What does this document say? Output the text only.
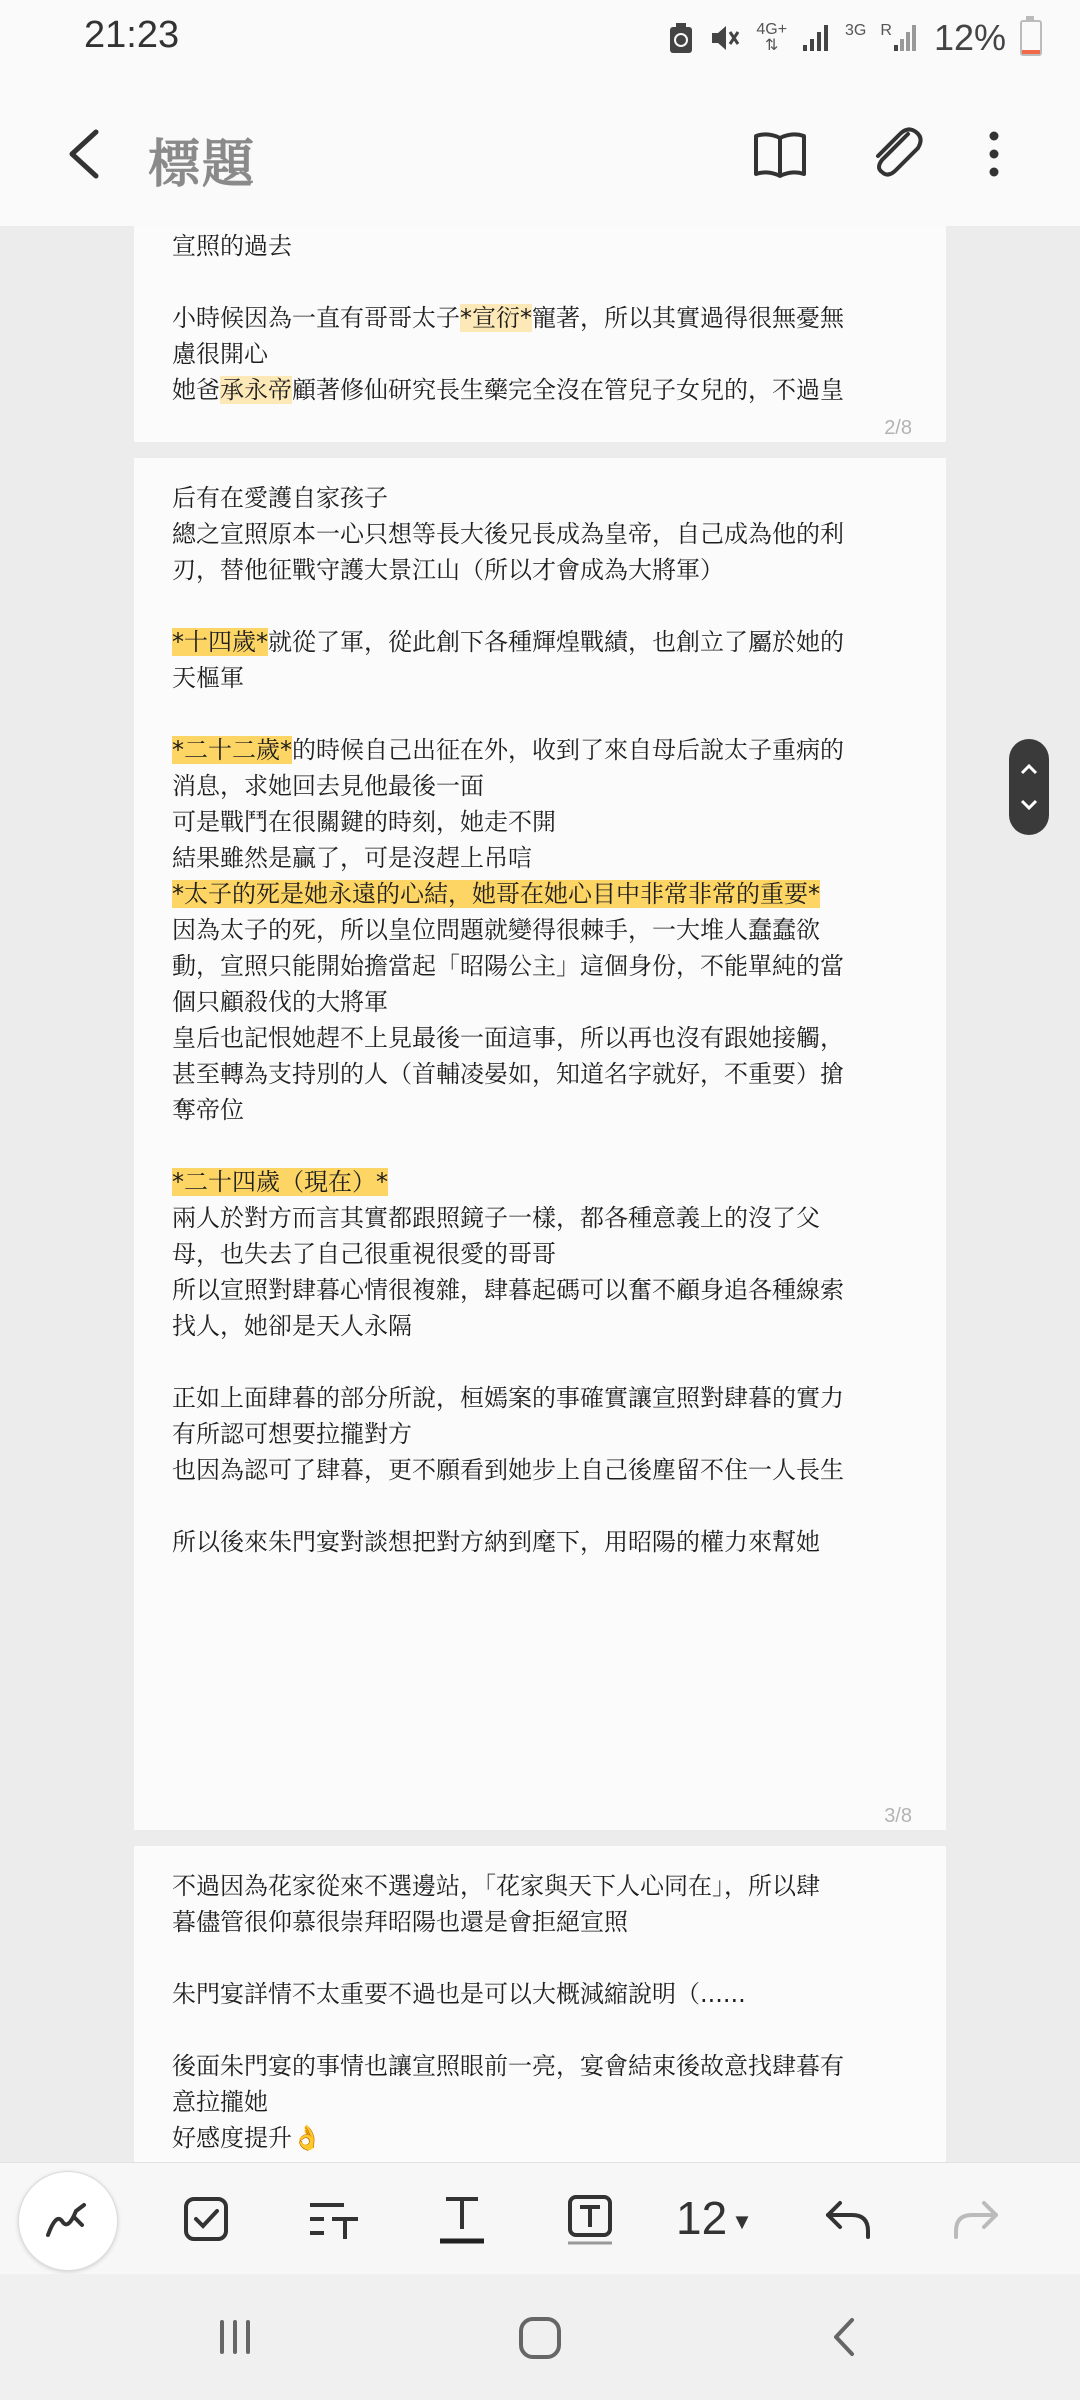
21:23	4G+
⇅
3G R 12%
標題
宣照的過去
小時候因為一直有哥哥太子*宣衍*寵著，所以其實過得很無憂無
慮很開心
她爸承永帝顧著修仙研究長生藥完全沒在管兒子女兒的，不過皇
2/8
后有在愛護自家孩子
總之宣照原本一心只想等長大後兄長成為皇帝，自己成為他的利
刃，替他征戰守護大景江山（所以才會成為大將軍）
*十四歲*就從了軍，從此創下各種輝煌戰績，也創立了屬於她的
天樞軍
*二十二歲*的時候自己出征在外，收到了來自母后說太子重病的
消息，求她回去見他最後一面
可是戰鬥在很關鍵的時刻，她走不開
結果雖然是贏了，可是沒趕上吊唁
*太子的死是她永遠的心結，她哥在她心目中非常非常的重要*
因為太子的死，所以皇位問題就變得很棘手，一大堆人蠢蠢欲
動，宣照只能開始擔當起「昭陽公主」這個身份，不能單純的當
個只顧殺伐的大將軍
皇后也記恨她趕不上見最後一面這事，所以再也沒有跟她接觸，
甚至轉為支持別的人（首輔凌晏如，知道名字就好，不重要）搶
奪帝位
*二十四歲（現在）*
兩人於對方而言其實都跟照鏡子一樣，都各種意義上的沒了父
母，也失去了自己很重視很愛的哥哥
所以宣照對肆暮心情很複雜，肆暮起碼可以奮不顧身追各種線索
找人，她卻是天人永隔
正如上面肆暮的部分所說，桓嫣案的事確實讓宣照對肆暮的實力
有所認可想要拉攏對方
也因為認可了肆暮，更不願看到她步上自己後塵留不住一人長生
所以後來朱門宴對談想把對方納到麾下，用昭陽的權力來幫她
3/8
不過因為花家從來不選邊站，「花家與天下人心同在」，所以肆
暮儘管很仰慕很崇拜昭陽也還是會拒絕宣照
朱門宴詳情不太重要不過也是可以大概減縮說明（......
後面朱門宴的事情也讓宣照眼前一亮，宴會結束後故意找肆暮有
意拉攏她
好感度提升👌
12 ▼
